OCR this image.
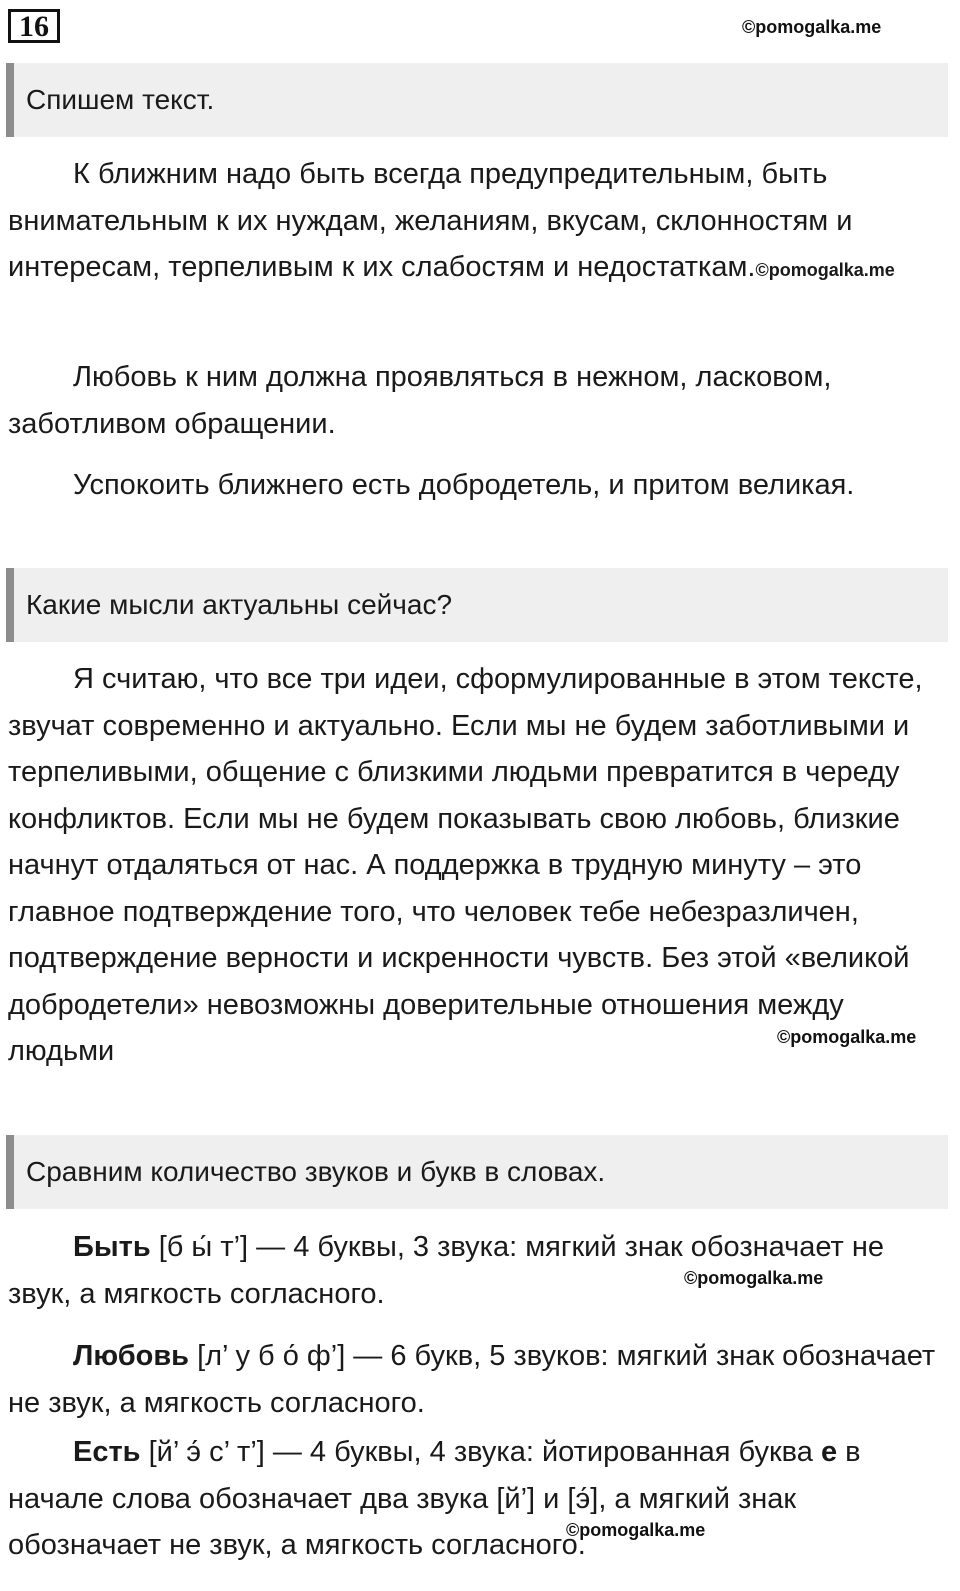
16	©pomogalka.me
Спишем текст.

К ближним надо быть всегда предупредительным, быть внимательным к их нуждам, желаниям, вкусам, склонностям и интересам, терпеливым к их слабостям и недостаткам.©pomogalka.me

Любовь к ним должна проявляться в нежном, ласковом, заботливом обращении.

Успокоить ближнего есть добродетель, и притом великая.

Какие мысли актуальны сейчас?

Я считаю, что все три идеи, сформулированные в этом тексте, звучат современно и актуально. Если мы не будем заботливыми и терпеливыми, общение с близкими людьми превратится в череду конфликтов. Если мы не будем показывать свою любовь, близкие начнут отдаляться от нас. А поддержка в трудную минуту – это главное подтверждение того, что человек тебе небезразличен, подтверждение верности и искренности чувств. Без этой «великой добродетели» невозможны доверительные отношения между людьми	©pomogalka.me
Сравним количество звуков и букв в словах.

Быть [б ы́ т’] — 4 буквы, 3 звука: мягкий знак обозначает не звук, а мягкость согласного.	©pomogalka.me

Любовь [л’ у б о́ ф’] — 6 букв, 5 звуков: мягкий знак обозначает не звук, а мягкость согласного.

Есть [й’ э́ с’ т’] — 4 буквы, 4 звука: йотированная буква е в начале слова обозначает два звука [й’] и [э́], а мягкий знак обозначает не звук, а мягкость согласного.

©pomogalka.me
